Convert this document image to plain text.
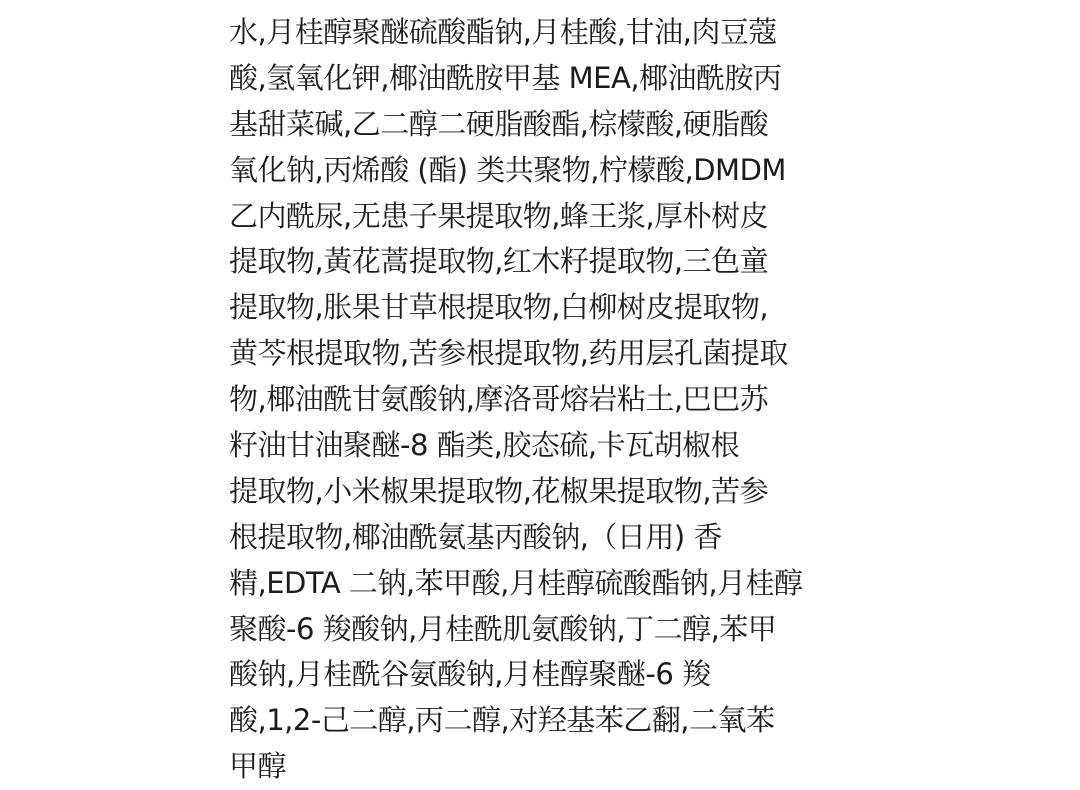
水,月桂醇聚醚硫酸酯钠,月桂酸,甘油,肉豆蔻
酸,氢氧化钾,椰油酰胺甲基 MEA,椰油酰胺丙
基甜菜碱,乙二醇二硬脂酸酯,棕檬酸,硬脂酸
氧化钠,丙烯酸 (酯) 类共聚物,柠檬酸,DMDM
乙内酰尿,无患子果提取物,蜂王浆,厚朴树皮
提取物,黃花蒿提取物,红木籽提取物,三色童
提取物,胀果甘草根提取物,白柳树皮提取物,
黄芩根提取物,苦参根提取物,药用层孔菌提取
物,椰油酰甘氨酸钠,摩洛哥熔岩粘土,巴巴苏
籽油甘油聚醚-8 酯类,胶态硫,卡瓦胡椒根
提取物,小米椒果提取物,花椒果提取物,苦参
根提取物,椰油酰氨基丙酸钠,（日用) 香
精,EDTA 二钠,苯甲酸,月桂醇硫酸酯钠,月桂醇
聚酸-6 羧酸钠,月桂酰肌氨酸钠,丁二醇,苯甲
酸钠,月桂酰谷氨酸钠,月桂醇聚醚-6 羧
酸,1,2-己二醇,丙二醇,对羟基苯乙翻,二氧苯
甲醇
